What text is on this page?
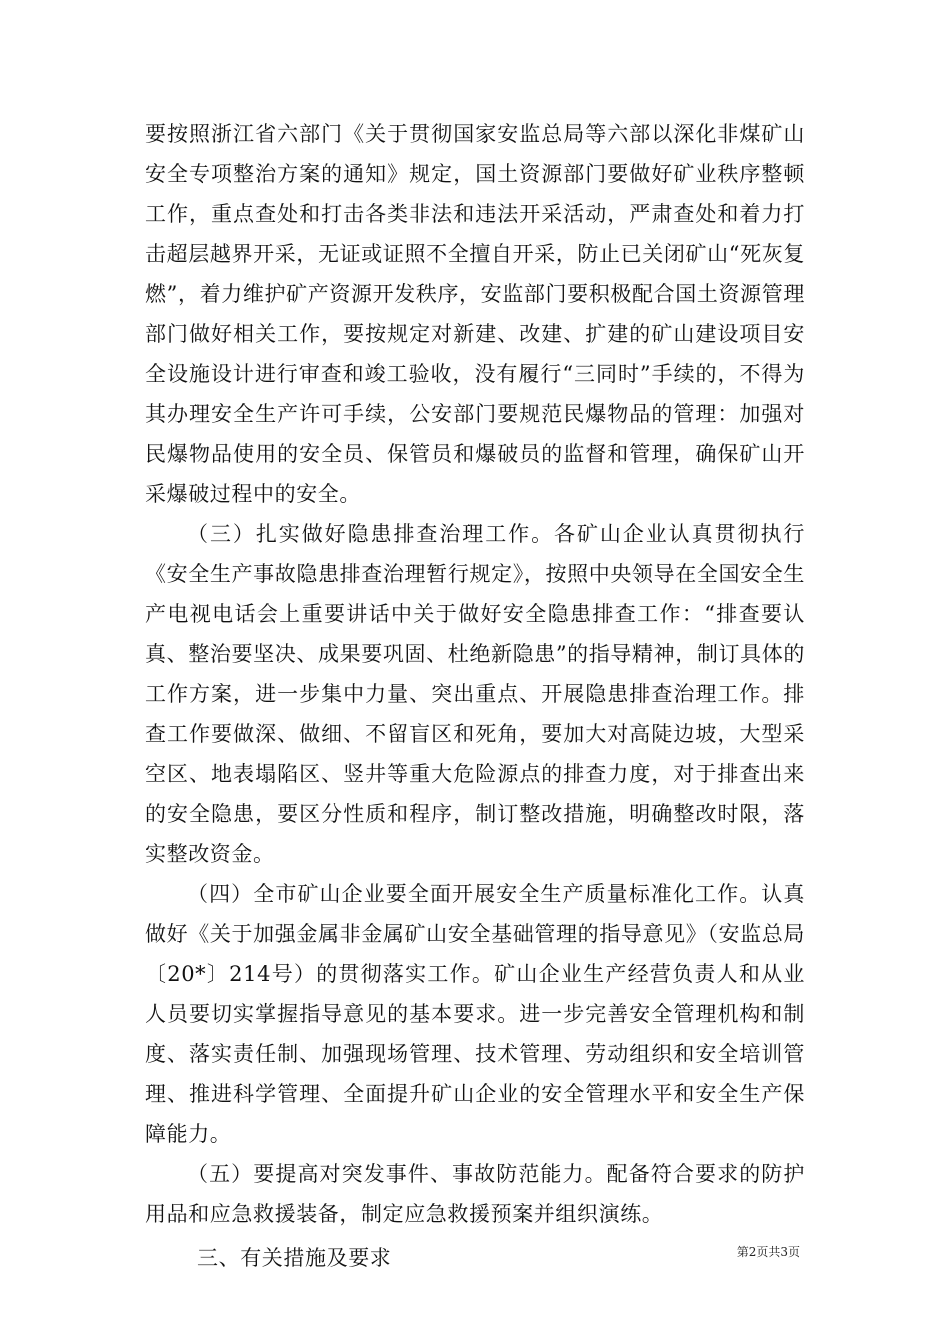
要按照浙江省六部门《关于贯彻国家安监总局等六部以深化非煤矿山安全专项整治方案的通知》规定，国土资源部门要做好矿业秩序整顿工作，重点查处和打击各类非法和违法开采活动，严肃查处和着力打击超层越界开采，无证或证照不全擅自开采，防止已关闭矿山“死灰复燃”，着力维护矿产资源开发秩序，安监部门要积极配合国土资源管理部门做好相关工作，要按规定对新建、改建、扩建的矿山建设项目安全设施设计进行审查和竣工验收，没有履行“三同时”手续的，不得为其办理安全生产许可手续，公安部门要规范民爆物品的管理：加强对民爆物品使用的安全员、保管员和爆破员的监督和管理，确保矿山开采爆破过程中的安全。

（三）扎实做好隐患排查治理工作。各矿山企业认真贯彻执行《安全生产事故隐患排查治理暂行规定》，按照中央领导在全国安全生产电视电话会上重要讲话中关于做好安全隐患排查工作：“排查要认真、整治要坚决、成果要巩固、杜绝新隐患”的指导精神，制订具体的工作方案，进一步集中力量、突出重点、开展隐患排查治理工作。排查工作要做深、做细、不留盲区和死角，要加大对高陡边坡，大型采空区、地表塌陷区、竖井等重大危险源点的排查力度，对于排查出来的安全隐患，要区分性质和程序，制订整改措施，明确整改时限，落实整改资金。

（四）全市矿山企业要全面开展安全生产质量标准化工作。认真做好《关于加强金属非金属矿山安全基础管理的指导意见》（安监总局〔20*〕214号）的贯彻落实工作。矿山企业生产经营负责人和从业人员要切实掌握指导意见的基本要求。进一步完善安全管理机构和制度、落实责任制、加强现场管理、技术管理、劳动组织和安全培训管理、推进科学管理、全面提升矿山企业的安全管理水平和安全生产保障能力。

（五）要提高对突发事件、事故防范能力。配备符合要求的防护用品和应急救援装备，制定应急救援预案并组织演练。

三、有关措施及要求	第2页共3页
